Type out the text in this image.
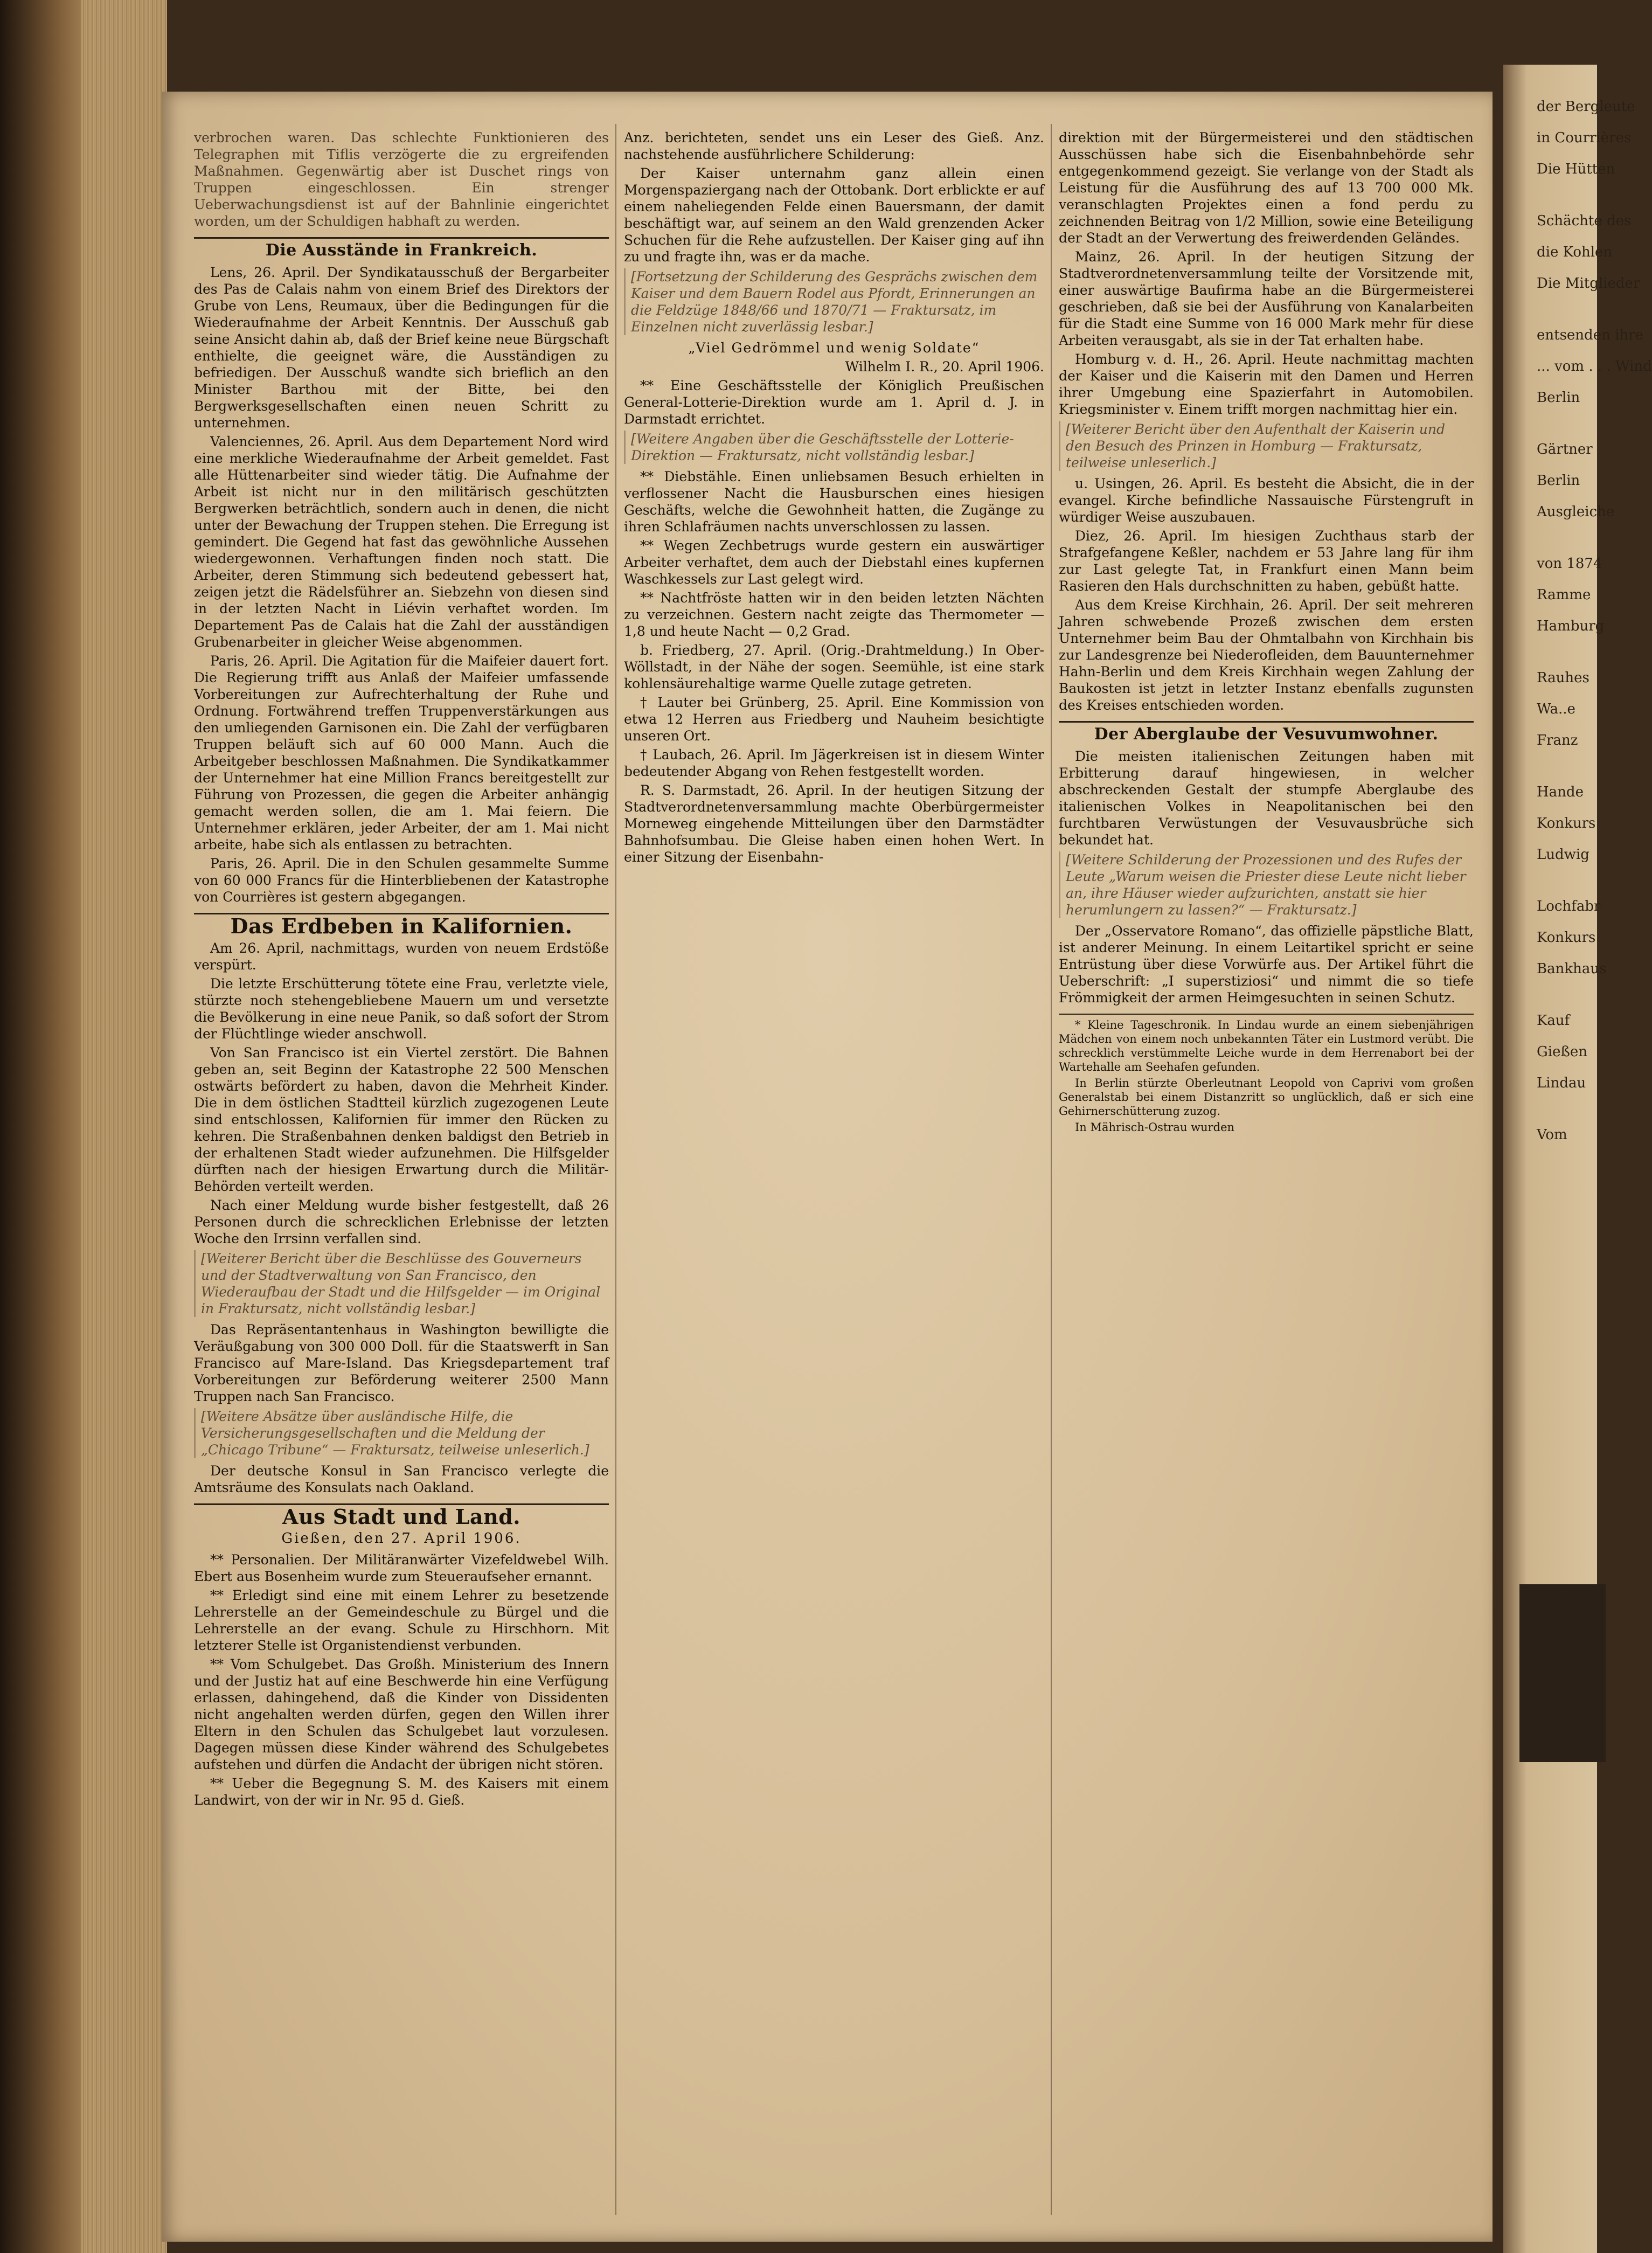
der Bergleute
in Courrières
Die Hütten
Schächte des
die Kohlen
Die Mitglieder
entsenden ihre
... vom . . . Wind
Berlin
Gärtner
Berlin
Ausgleiche
von 1874
Ramme
Hamburg
Rauhes
Wa..e
Franz
Hande
Konkurs
Ludwig
Lochfabr
Konkurs
Bankhaus
Kauf
Gießen
Lindau
Vom

verbrochen waren. Das schlechte Funktionieren des Telegraphen mit Tiflis verzögerte die zu ergreifenden Maßnahmen. Gegenwärtig aber ist Duschet rings von Truppen eingeschlossen. Ein strenger Ueberwachungsdienst ist auf der Bahnlinie eingerichtet worden, um der Schuldigen habhaft zu werden.

Die Ausstände in Frankreich.

Lens, 26. April. Der Syndikatausschuß der Bergarbeiter des Pas de Calais nahm von einem Brief des Direktors der Grube von Lens, Reumaux, über die Bedingungen für die Wiederaufnahme der Arbeit Kenntnis. Der Ausschuß gab seine Ansicht dahin ab, daß der Brief keine neue Bürgschaft enthielte, die geeignet wäre, die Ausständigen zu befriedigen. Der Ausschuß wandte sich brieflich an den Minister Barthou mit der Bitte, bei den Bergwerksgesellschaften einen neuen Schritt zu unternehmen.

Valenciennes, 26. April. Aus dem Departement Nord wird eine merkliche Wiederaufnahme der Arbeit gemeldet. Fast alle Hüttenarbeiter sind wieder tätig. Die Aufnahme der Arbeit ist nicht nur in den militärisch geschützten Bergwerken beträchtlich, sondern auch in denen, die nicht unter der Bewachung der Truppen stehen. Die Erregung ist gemindert. Die Gegend hat fast das gewöhnliche Aussehen wiedergewonnen. Verhaftungen finden noch statt. Die Arbeiter, deren Stimmung sich bedeutend gebessert hat, zeigen jetzt die Rädelsführer an. Siebzehn von diesen sind in der letzten Nacht in Liévin verhaftet worden. Im Departement Pas de Calais hat die Zahl der ausständigen Grubenarbeiter in gleicher Weise abgenommen.

Paris, 26. April. Die Agitation für die Maifeier dauert fort. Die Regierung trifft aus Anlaß der Maifeier umfassende Vorbereitungen zur Aufrechterhaltung der Ruhe und Ordnung. Fortwährend treffen Truppenverstärkungen aus den umliegenden Garnisonen ein. Die Zahl der verfügbaren Truppen beläuft sich auf 60 000 Mann. Auch die Arbeitgeber beschlossen Maßnahmen. Die Syndikatkammer der Unternehmer hat eine Million Francs bereitgestellt zur Führung von Prozessen, die gegen die Arbeiter anhängig gemacht werden sollen, die am 1. Mai feiern. Die Unternehmer erklären, jeder Arbeiter, der am 1. Mai nicht arbeite, habe sich als entlassen zu betrachten.

Paris, 26. April. Die in den Schulen gesammelte Summe von 60 000 Francs für die Hinterbliebenen der Katastrophe von Courrières ist gestern abgegangen.

Das Erdbeben in Kalifornien.

Am 26. April, nachmittags, wurden von neuem Erdstöße verspürt.

Die letzte Erschütterung tötete eine Frau, verletzte viele, stürzte noch stehengebliebene Mauern um und versetzte die Bevölkerung in eine neue Panik, so daß sofort der Strom der Flüchtlinge wieder anschwoll.

Von San Francisco ist ein Viertel zerstört. Die Bahnen geben an, seit Beginn der Katastrophe 22 500 Menschen ostwärts befördert zu haben, davon die Mehrheit Kinder. Die in dem östlichen Stadtteil kürzlich zugezogenen Leute sind entschlossen, Kalifornien für immer den Rücken zu kehren. Die Straßenbahnen denken baldigst den Betrieb in der erhaltenen Stadt wieder aufzunehmen. Die Hilfsgelder dürften nach der hiesigen Erwartung durch die Militär-Behörden verteilt werden.

Nach einer Meldung wurde bisher festgestellt, daß 26 Personen durch die schrecklichen Erlebnisse der letzten Woche den Irrsinn verfallen sind.

[Weiterer Bericht über die Beschlüsse des Gouverneurs und der Stadtverwaltung von San Francisco, den Wiederaufbau der Stadt und die Hilfsgelder — im Original in Fraktursatz, nicht vollständig lesbar.]

Das Repräsentantenhaus in Washington bewilligte die Veräußgabung von 300 000 Doll. für die Staatswerft in San Francisco auf Mare-Island. Das Kriegsdepartement traf Vorbereitungen zur Beförderung weiterer 2500 Mann Truppen nach San Francisco.

[Weitere Absätze über ausländische Hilfe, die Versicherungsgesellschaften und die Meldung der „Chicago Tribune“ — Fraktursatz, teilweise unleserlich.]

Der deutsche Konsul in San Francisco verlegte die Amtsräume des Konsulats nach Oakland.

Aus Stadt und Land.
Gießen, den 27. April 1906.

** Personalien. Der Militäranwärter Vizefeldwebel Wilh. Ebert aus Bosenheim wurde zum Steueraufseher ernannt.

** Erledigt sind eine mit einem Lehrer zu besetzende Lehrerstelle an der Gemeindeschule zu Bürgel und die Lehrerstelle an der evang. Schule zu Hirschhorn. Mit letzterer Stelle ist Organistendienst verbunden.

** Vom Schulgebet. Das Großh. Ministerium des Innern und der Justiz hat auf eine Beschwerde hin eine Verfügung erlassen, dahingehend, daß die Kinder von Dissidenten nicht angehalten werden dürfen, gegen den Willen ihrer Eltern in den Schulen das Schulgebet laut vorzulesen. Dagegen müssen diese Kinder während des Schulgebetes aufstehen und dürfen die Andacht der übrigen nicht stören.

** Ueber die Begegnung S. M. des Kaisers mit einem Landwirt, von der wir in Nr. 95 d. Gieß.

Anz. berichteten, sendet uns ein Leser des Gieß. Anz. nachstehende ausführlichere Schilderung:

Der Kaiser unternahm ganz allein einen Morgenspaziergang nach der Ottobank. Dort erblickte er auf einem naheliegenden Felde einen Bauersmann, der damit beschäftigt war, auf seinem an den Wald grenzenden Acker Schuchen für die Rehe aufzustellen. Der Kaiser ging auf ihn zu und fragte ihn, was er da mache.

[Fortsetzung der Schilderung des Gesprächs zwischen dem Kaiser und dem Bauern Rodel aus Pfordt, Erinnerungen an die Feldzüge 1848/66 und 1870/71 — Fraktursatz, im Einzelnen nicht zuverlässig lesbar.]

„Viel Gedrömmel und wenig Soldate“

Wilhelm I. R., 20. April 1906.

** Eine Geschäftsstelle der Königlich Preußischen General-Lotterie-Direktion wurde am 1. April d. J. in Darmstadt errichtet.

[Weitere Angaben über die Geschäftsstelle der Lotterie-Direktion — Fraktursatz, nicht vollständig lesbar.]

** Diebstähle. Einen unliebsamen Besuch erhielten in verflossener Nacht die Hausburschen eines hiesigen Geschäfts, welche die Gewohnheit hatten, die Zugänge zu ihren Schlafräumen nachts unverschlossen zu lassen.

** Wegen Zechbetrugs wurde gestern ein auswärtiger Arbeiter verhaftet, dem auch der Diebstahl eines kupfernen Waschkessels zur Last gelegt wird.

** Nachtfröste hatten wir in den beiden letzten Nächten zu verzeichnen. Gestern nacht zeigte das Thermometer — 1,8 und heute Nacht — 0,2 Grad.

b. Friedberg, 27. April. (Orig.-Drahtmeldung.) In Ober-Wöllstadt, in der Nähe der sogen. Seemühle, ist eine stark kohlensäurehaltige warme Quelle zutage getreten.

† Lauter bei Grünberg, 25. April. Eine Kommission von etwa 12 Herren aus Friedberg und Nauheim besichtigte unseren Ort.

† Laubach, 26. April. Im Jägerkreisen ist in diesem Winter bedeutender Abgang von Rehen festgestellt worden.

R. S. Darmstadt, 26. April. In der heutigen Sitzung der Stadtverordnetenversammlung machte Oberbürgermeister Morneweg eingehende Mitteilungen über den Darmstädter Bahnhofsumbau. Die Gleise haben einen hohen Wert. In einer Sitzung der Eisenbahn-

direktion mit der Bürgermeisterei und den städtischen Ausschüssen habe sich die Eisenbahnbehörde sehr entgegenkommend gezeigt. Sie verlange von der Stadt als Leistung für die Ausführung des auf 13 700 000 Mk. veranschlagten Projektes einen a fond perdu zu zeichnenden Beitrag von 1/2 Million, sowie eine Beteiligung der Stadt an der Verwertung des freiwerdenden Geländes.

Mainz, 26. April. In der heutigen Sitzung der Stadtverordnetenversammlung teilte der Vorsitzende mit, einer auswärtige Baufirma habe an die Bürgermeisterei geschrieben, daß sie bei der Ausführung von Kanalarbeiten für die Stadt eine Summe von 16 000 Mark mehr für diese Arbeiten verausgabt, als sie in der Tat erhalten habe.

Homburg v. d. H., 26. April. Heute nachmittag machten der Kaiser und die Kaiserin mit den Damen und Herren ihrer Umgebung eine Spazierfahrt in Automobilen. Kriegsminister v. Einem trifft morgen nachmittag hier ein.

[Weiterer Bericht über den Aufenthalt der Kaiserin und den Besuch des Prinzen in Homburg — Fraktursatz, teilweise unleserlich.]

u. Usingen, 26. April. Es besteht die Absicht, die in der evangel. Kirche befindliche Nassauische Fürstengruft in würdiger Weise auszubauen.

Diez, 26. April. Im hiesigen Zuchthaus starb der Strafgefangene Keßler, nachdem er 53 Jahre lang für ihm zur Last gelegte Tat, in Frankfurt einen Mann beim Rasieren den Hals durchschnitten zu haben, gebüßt hatte.

Aus dem Kreise Kirchhain, 26. April. Der seit mehreren Jahren schwebende Prozeß zwischen dem ersten Unternehmer beim Bau der Ohmtalbahn von Kirchhain bis zur Landesgrenze bei Niederofleiden, dem Bauunternehmer Hahn-Berlin und dem Kreis Kirchhain wegen Zahlung der Baukosten ist jetzt in letzter Instanz ebenfalls zugunsten des Kreises entschieden worden.

Der Aberglaube der Vesuvumwohner.

Die meisten italienischen Zeitungen haben mit Erbitterung darauf hingewiesen, in welcher abschreckenden Gestalt der stumpfe Aberglaube des italienischen Volkes in Neapolitanischen bei den furchtbaren Verwüstungen der Vesuvausbrüche sich bekundet hat.

[Weitere Schilderung der Prozessionen und des Rufes der Leute „Warum weisen die Priester diese Leute nicht lieber an, ihre Häuser wieder aufzurichten, anstatt sie hier herumlungern zu lassen?“ — Fraktursatz.]

Der „Osservatore Romano“, das offizielle päpstliche Blatt, ist anderer Meinung. In einem Leitartikel spricht er seine Entrüstung über diese Vorwürfe aus. Der Artikel führt die Ueberschrift: „I superstiziosi“ und nimmt die so tiefe Frömmigkeit der armen Heimgesuchten in seinen Schutz.

* Kleine Tageschronik. In Lindau wurde an einem siebenjährigen Mädchen von einem noch unbekannten Täter ein Lustmord verübt. Die schrecklich verstümmelte Leiche wurde in dem Herrenabort bei der Wartehalle am Seehafen gefunden.

In Berlin stürzte Oberleutnant Leopold von Caprivi vom großen Generalstab bei einem Distanzritt so unglücklich, daß er sich eine Gehirnerschütterung zuzog.

In Mährisch-Ostrau wurden
